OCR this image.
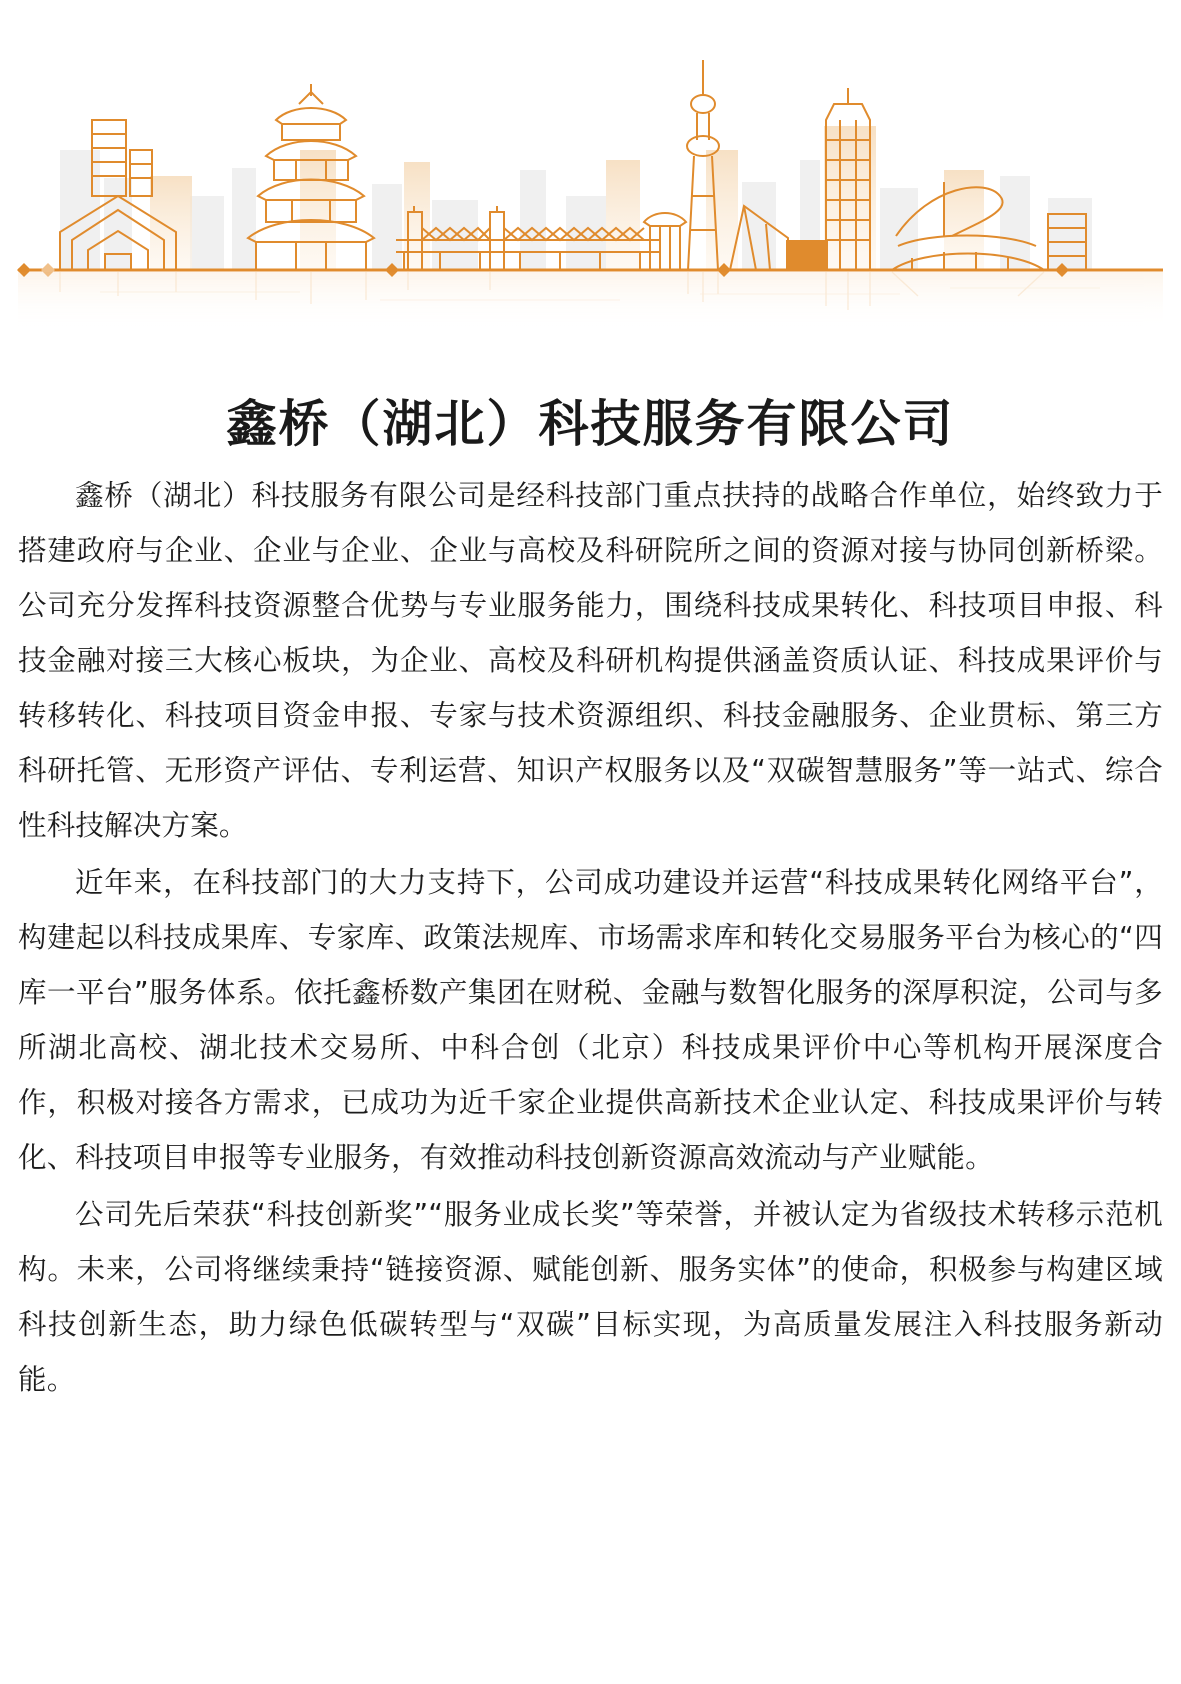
鑫桥（湖北）科技服务有限公司

鑫桥（湖北）科技服务有限公司是经科技部门重点扶持的战略合作单位，始终致力于搭建政府与企业、企业与企业、企业与高校及科研院所之间的资源对接与协同创新桥梁。公司充分发挥科技资源整合优势与专业服务能力，围绕科技成果转化、科技项目申报、科技金融对接三大核心板块，为企业、高校及科研机构提供涵盖资质认证、科技成果评价与转移转化、科技项目资金申报、专家与技术资源组织、科技金融服务、企业贯标、第三方科研托管、无形资产评估、专利运营、知识产权服务以及“双碳智慧服务”等一站式、综合性科技解决方案。

近年来，在科技部门的大力支持下，公司成功建设并运营“科技成果转化网络平台”，构建起以科技成果库、专家库、政策法规库、市场需求库和转化交易服务平台为核心的“四库一平台”服务体系。依托鑫桥数产集团在财税、金融与数智化服务的深厚积淀，公司与多所湖北高校、湖北技术交易所、中科合创（北京）科技成果评价中心等机构开展深度合作，积极对接各方需求，已成功为近千家企业提供高新技术企业认定、科技成果评价与转化、科技项目申报等专业服务，有效推动科技创新资源高效流动与产业赋能。

公司先后荣获“科技创新奖”“服务业成长奖”等荣誉，并被认定为省级技术转移示范机构。未来，公司将继续秉持“链接资源、赋能创新、服务实体”的使命，积极参与构建区域科技创新生态，助力绿色低碳转型与“双碳”目标实现，为高质量发展注入科技服务新动能。
